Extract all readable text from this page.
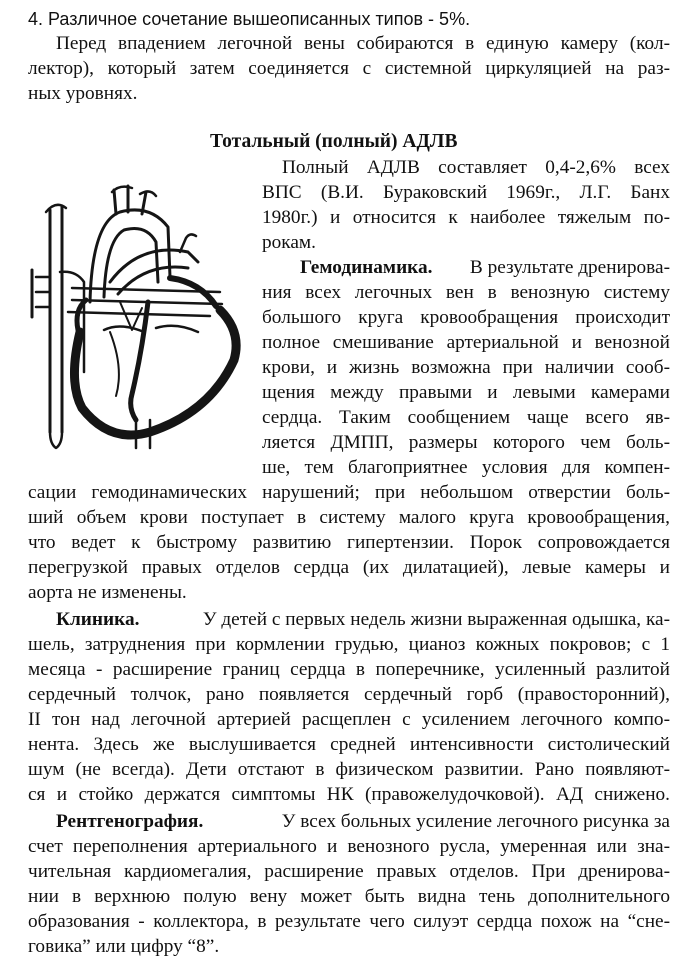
4. Различное сочетание вышеописанных типов - 5%.
Перед впадением легочной вены собираются в единую камеру (кол-
лектор), который затем соединяется с системной циркуляцией на раз-
ных уровнях.
Тотальный (полный) АДЛВ
Полный АДЛВ составляет 0,4-2,6% всех
ВПС (В.И. Бураковский 1969г., Л.Г. Банх
1980г.) и относится к наиболее тяжелым по-
рокам.
Гемодинамика. В результате дренирова-
ния всех легочных вен в венозную систему
большого круга кровообращения происходит
полное смешивание артериальной и венозной
крови, и жизнь возможна при наличии сооб-
щения между правыми и левыми камерами
сердца. Таким сообщением чаще всего яв-
ляется ДМПП, размеры которого чем боль-
ше, тем благоприятнее условия для компен-
сации гемодинамических нарушений; при небольшом отверстии боль-
ший объем крови поступает в систему малого круга кровообращения,
что ведет к быстрому развитию гипертензии. Порок сопровождается
перегрузкой правых отделов сердца (их дилатацией), левые камеры и
аорта не изменены.
Клиника.	У детей с первых недель жизни выраженная одышка, ка-
шель, затруднения при кормлении грудью, цианоз кожных покровов; с 1
месяца - расширение границ сердца в поперечнике, усиленный разлитой
сердечный толчок, рано появляется сердечный горб (правосторонний),
II тон над легочной артерией расщеплен с усилением легочного компо-
нента. Здесь же выслушивается средней интенсивности систолический
шум (не всегда). Дети отстают в физическом развитии. Рано появляют-
ся и стойко держатся симптомы НК (правожелудочковой). АД снижено.
Рентгенография.	У всех больных усиление легочного рисунка за
счет переполнения артериального и венозного русла, умеренная или зна-
чительная кардиомегалия, расширение правых отделов. При дренирова-
нии в верхнюю полую вену может быть видна тень дополнительного
образования - коллектора, в результате чего силуэт сердца похож на “сне-
говика” или цифру “8”.
